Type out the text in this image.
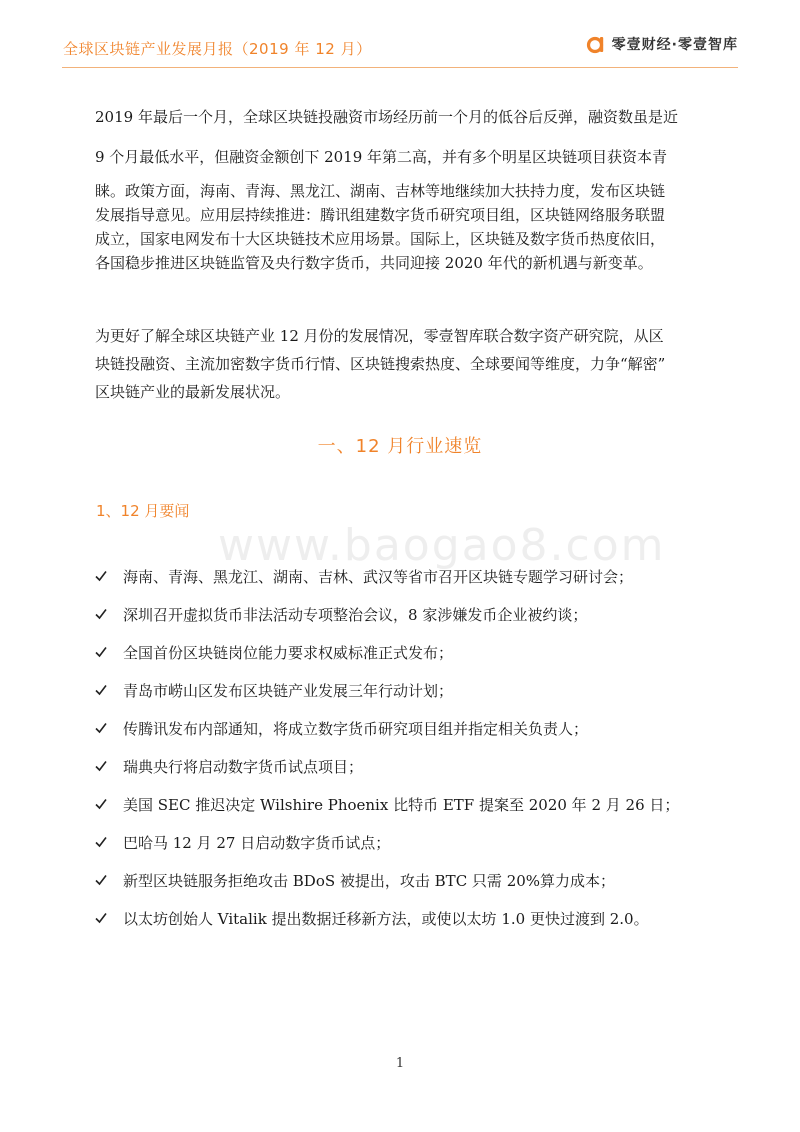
全球区块链产业发展月报（2019 年 12 月）	零壹财经·零壹智库
2019 年最后一个月，全球区块链投融资市场经历前一个月的低谷后反弹，融资数虽是近
9 个月最低水平，但融资金额创下 2019 年第二高，并有多个明星区块链项目获资本青
睐。政策方面，海南、青海、黑龙江、湖南、吉林等地继续加大扶持力度，发布区块链
发展指导意见。应用层持续推进：腾讯组建数字货币研究项目组，区块链网络服务联盟
成立，国家电网发布十大区块链技术应用场景。国际上，区块链及数字货币热度依旧，
各国稳步推进区块链监管及央行数字货币，共同迎接 2020 年代的新机遇与新变革。
为更好了解全球区块链产业 12 月份的发展情况，零壹智库联合数字资产研究院，从区
块链投融资、主流加密数字货币行情、区块链搜索热度、全球要闻等维度，力争“解密”
区块链产业的最新发展状况。
一、12 月行业速览
1、12 月要闻
www.baogao8.com
海南、青海、黑龙江、湖南、吉林、武汉等省市召开区块链专题学习研讨会；
深圳召开虚拟货币非法活动专项整治会议，8 家涉嫌发币企业被约谈；
全国首份区块链岗位能力要求权威标准正式发布；
青岛市崂山区发布区块链产业发展三年行动计划；
传腾讯发布内部通知，将成立数字货币研究项目组并指定相关负责人；
瑞典央行将启动数字货币试点项目；
美国 SEC 推迟决定 Wilshire Phoenix 比特币 ETF 提案至 2020 年 2 月 26 日；
巴哈马 12 月 27 日启动数字货币试点；
新型区块链服务拒绝攻击 BDoS 被提出，攻击 BTC 只需 20%算力成本；
以太坊创始人 Vitalik 提出数据迁移新方法，或使以太坊 1.0 更快过渡到 2.0。
1
